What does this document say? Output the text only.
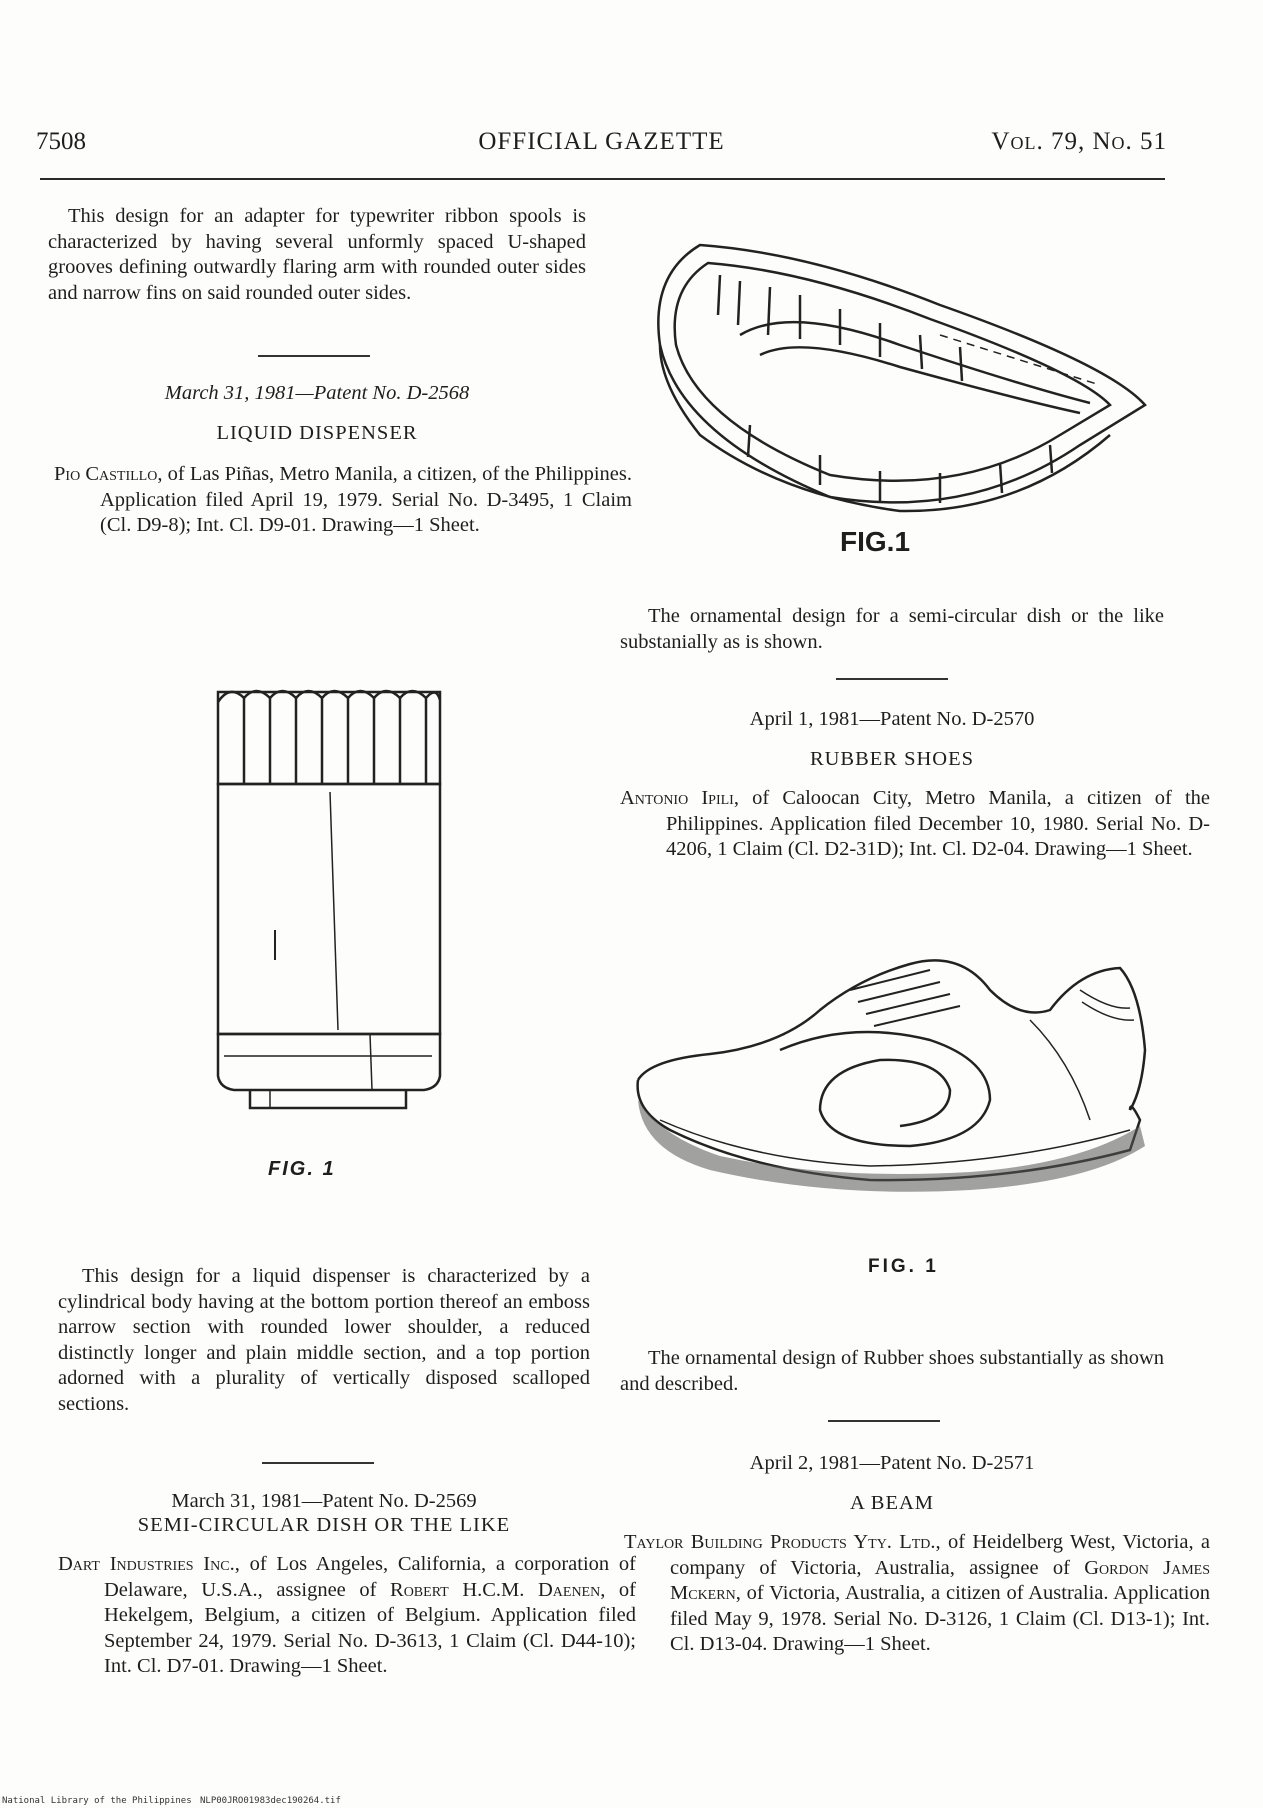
7508	OFFICIAL GAZETTE	Vol. 79, No. 51
This design for an adapter for typewriter ribbon spools is characterized by having several unformly spaced U-shaped grooves defining outwardly flaring arm with rounded outer sides and narrow fins on said rounded outer sides.
March 31, 1981—Patent No. D-2568
LIQUID DISPENSER
Pio Castillo, of Las Piñas, Metro Manila, a citizen, of the Philippines. Application filed April 19, 1979. Serial No. D-3495, 1 Claim (Cl. D9-8); Int. Cl. D9-01. Drawing—1 Sheet.
FIG. 1
This design for a liquid dispenser is characterized by a cylindrical body having at the bottom portion thereof an emboss narrow section with rounded lower shoulder, a reduced distinctly longer and plain middle section, and a top portion adorned with a plurality of vertically disposed scalloped sections.
March 31, 1981—Patent No. D-2569
SEMI-CIRCULAR DISH OR THE LIKE
Dart Industries Inc., of Los Angeles, California, a corporation of Delaware, U.S.A., assignee of Robert H.C.M. Daenen, of Hekelgem, Belgium, a citizen of Belgium. Application filed September 24, 1979. Serial No. D-3613, 1 Claim (Cl. D44-10); Int. Cl. D7-01. Drawing—1 Sheet.
FIG.1
The ornamental design for a semi-circular dish or the like substanially as is shown.
April 1, 1981—Patent No. D-2570
RUBBER SHOES
Antonio Ipili, of Caloocan City, Metro Manila, a citizen of the Philippines. Application filed December 10, 1980. Serial No. D-4206, 1 Claim (Cl. D2-31D); Int. Cl. D2-04. Drawing—1 Sheet.
FIG. 1
The ornamental design of Rubber shoes substantially as shown and described.
April 2, 1981—Patent No. D-2571
A BEAM
Taylor Building Products Yty. Ltd., of Heidelberg West, Victoria, a company of Victoria, Australia, assignee of Gordon James Mckern, of Victoria, Australia, a citizen of Australia. Application filed May 9, 1978. Serial No. D-3126, 1 Claim (Cl. D13-1); Int. Cl. D13-04. Drawing—1 Sheet.
National Library of the Philippines NLP00JRO01983dec190264.tif
